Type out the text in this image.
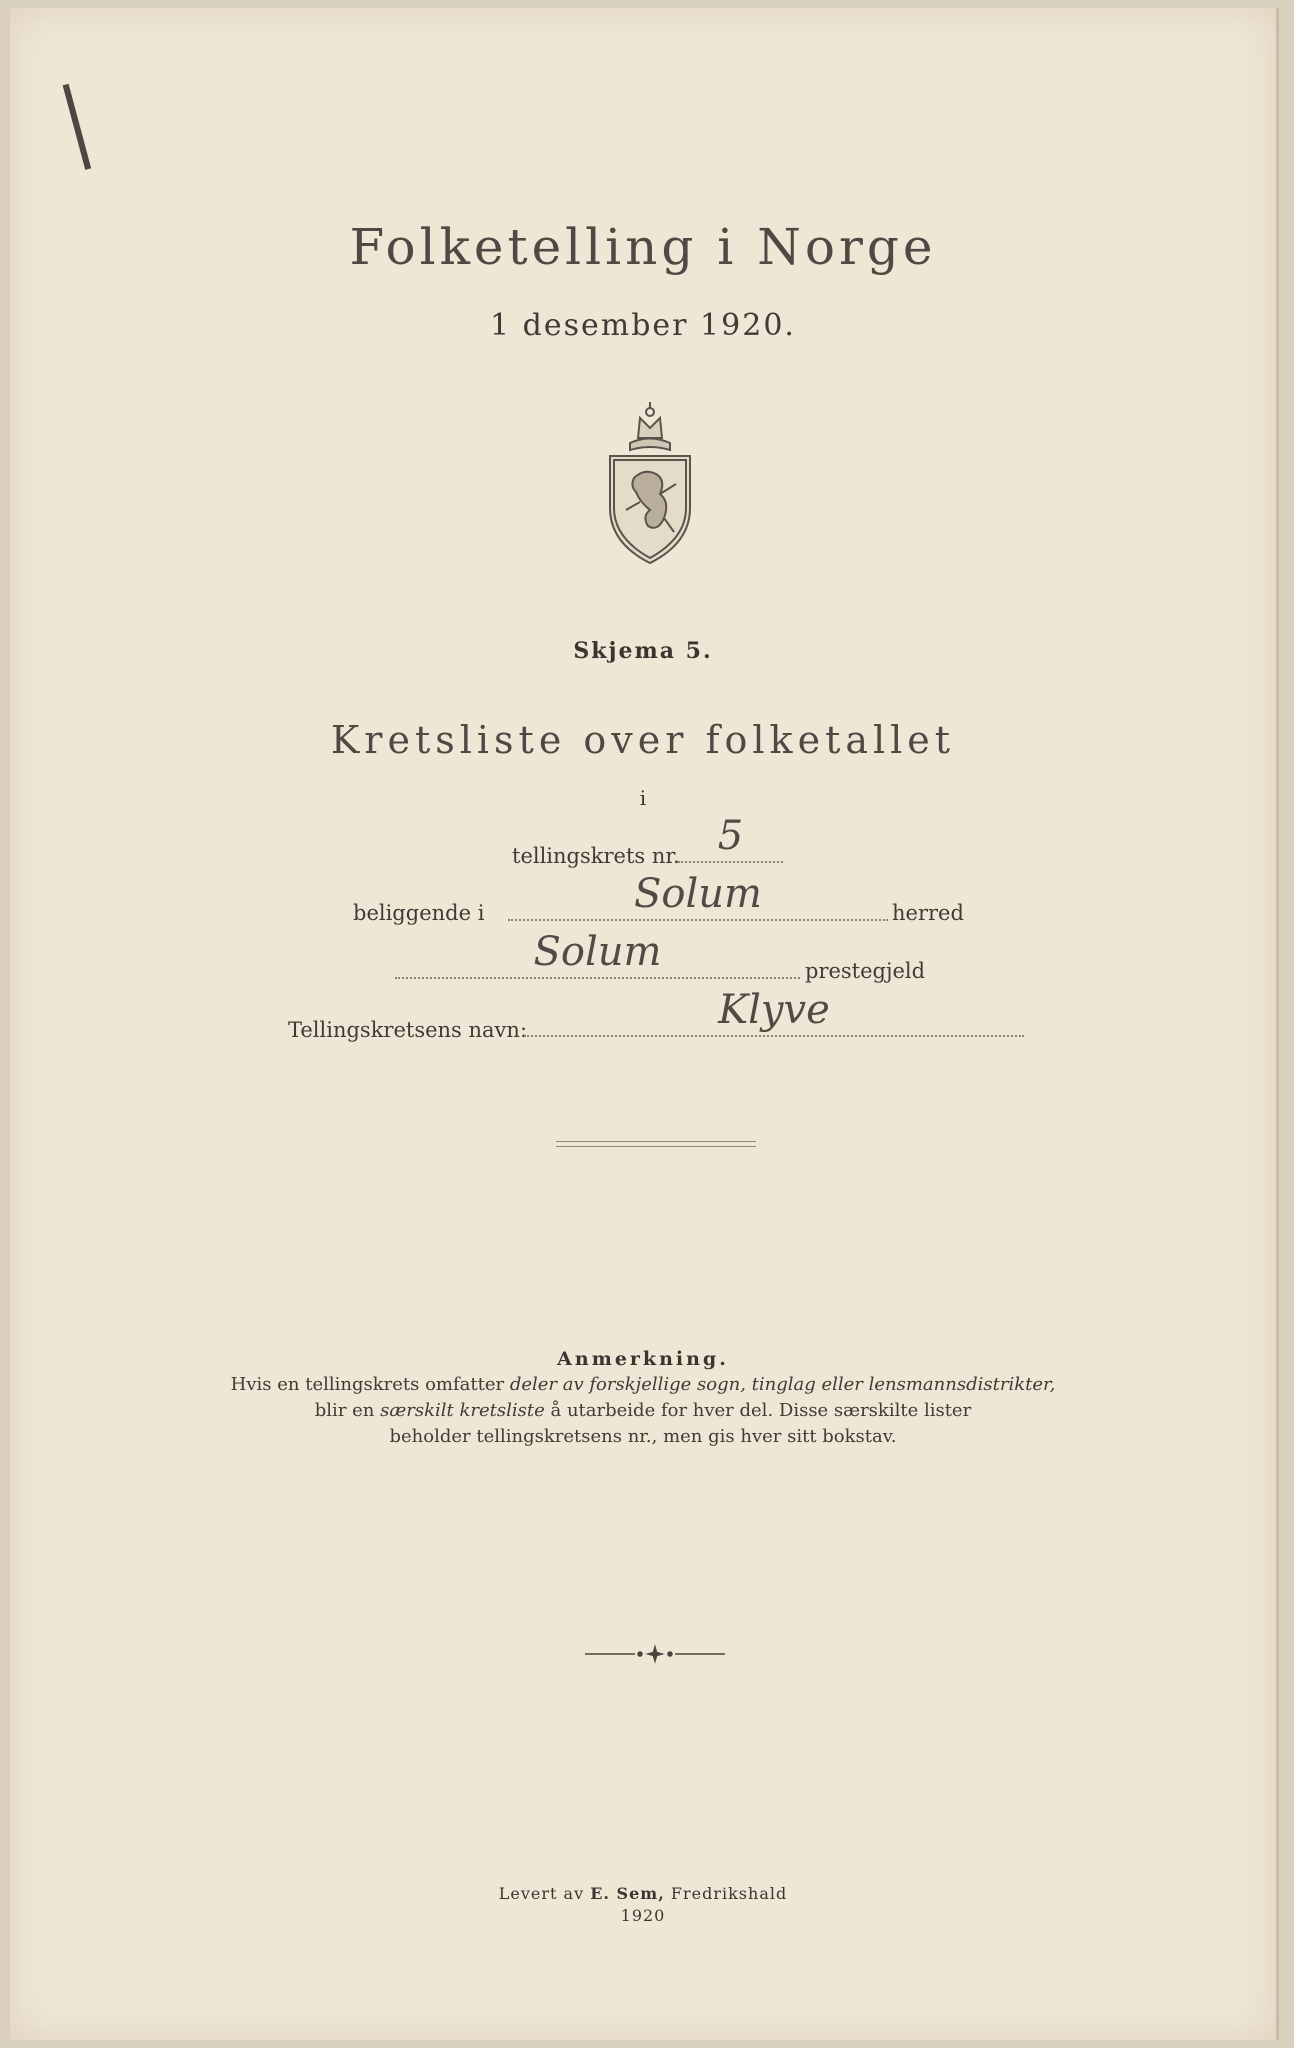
I
Folketelling i Norge
1 desember 1920.
Skjema 5.
Kretsliste over folketallet
i
tellingskrets nr. 5
beliggende i	Solum	herred
Solum	prestegjeld
Tellingskretsens navn:	Klyve
Anmerkning.
Hvis en tellingskrets omfatter deler av forskjellige sogn, tinglag eller lensmannsdistrikter,
blir en særskilt kretsliste å utarbeide for hver del. Disse særskilte lister
beholder tellingskretsens nr., men gis hver sitt bokstav.
Levert av E. Sem, Fredrikshald
1920
